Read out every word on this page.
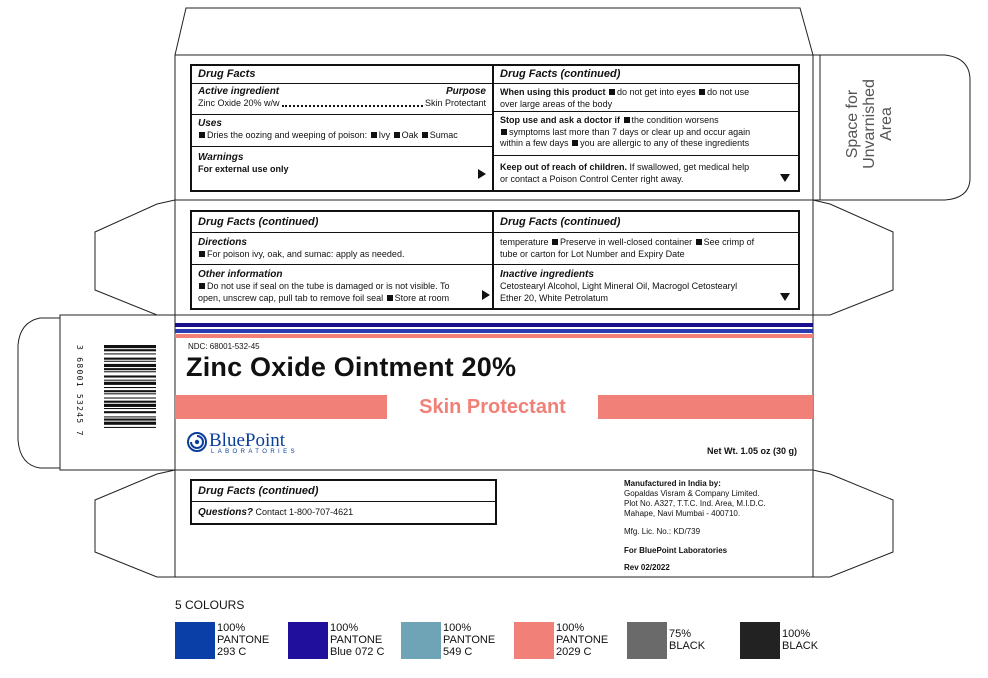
Space for Unvarnished Area
Drug Facts
Active ingredient	Purpose
Zinc Oxide 20% w/w	Skin Protectant
Uses
Dries the oozing and weeping of poison: Ivy Oak Sumac
Warnings
For external use only
Drug Facts (continued)
When using this product do not get into eyes do not use
over large areas of the body
Stop use and ask a doctor if the condition worsens
symptoms last more than 7 days or clear up and occur again
within a few days you are allergic to any of these ingredients
Keep out of reach of children. If swallowed, get medical help
or contact a Poison Control Center right away.
Drug Facts (continued)
Directions
For poison ivy, oak, and sumac: apply as needed.
Other information
Do not use if seal on the tube is damaged or is not visible. To
open, unscrew cap, pull tab to remove foil seal Store at room
Drug Facts (continued)
temperature Preserve in well-closed container See crimp of
tube or carton for Lot Number and Expiry Date
Inactive ingredients
Cetostearyl Alcohol, Light Mineral Oil, Macrogol Cetostearyl
Ether 20, White Petrolatum
NDC: 68001-532-45
Zinc Oxide Ointment 20%
Skin Protectant
BluePoint
LABORATORIES	Net Wt. 1.05 oz (30 g)
3 68001 53245 7
Drug Facts (continued)
Questions? Contact 1-800-707-4621
Manufactured in India by:
Gopaldas Visram & Company Limited.
Plot No. A327, T.T.C. Ind. Area, M.I.D.C.
Mahape, Navi Mumbai - 400710.
Mfg. Lic. No.: KD/739
For BluePoint Laboratories
Rev 02/2022
5 COLOURS
100%
PANTONE
293 C
100%
PANTONE
Blue 072 C
100%
PANTONE
549 C
100%
PANTONE
2029 C
75%
BLACK
100%
BLACK
